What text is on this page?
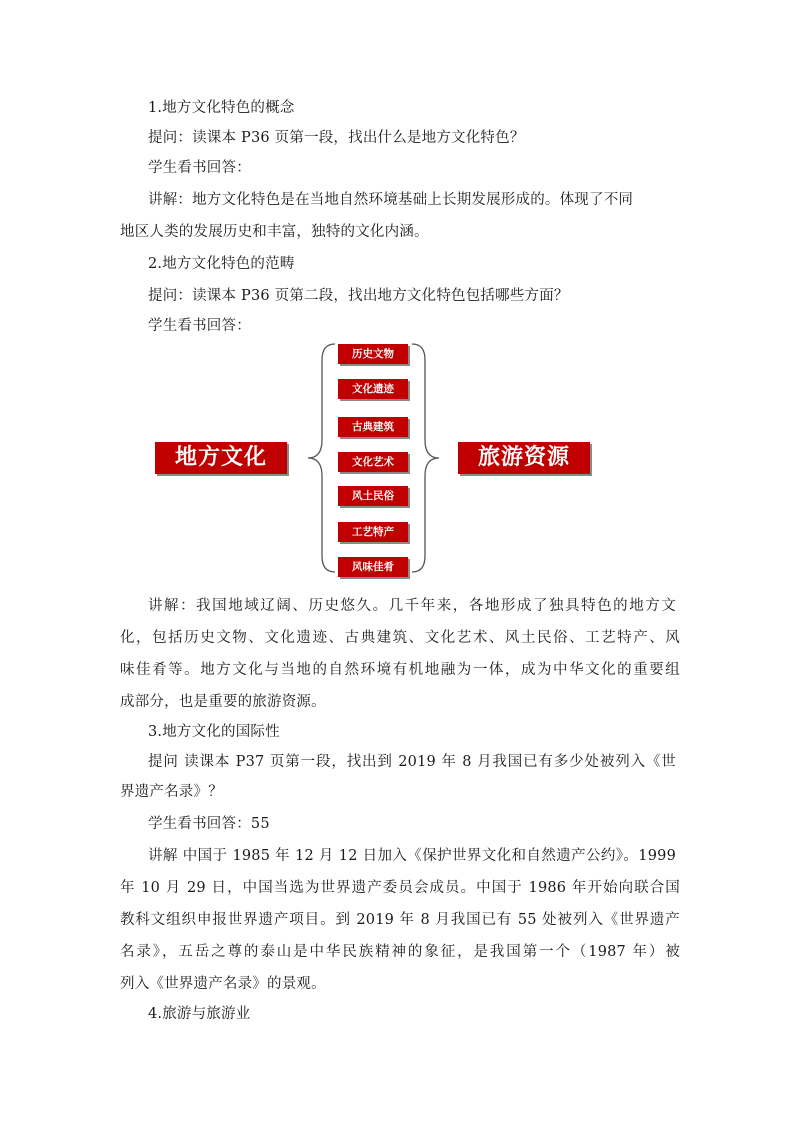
1.地方文化特色的概念
提问：读课本 P36 页第一段，找出什么是地方文化特色？
学生看书回答：
讲解：地方文化特色是在当地自然环境基础上长期发展形成的。体现了不同
地区人类的发展历史和丰富，独特的文化内涵。
2.地方文化特色的范畴
提问：读课本 P36 页第二段，找出地方文化特色包括哪些方面？
学生看书回答：
地方文化	旅游资源
历史文物
文化遗迹
古典建筑
文化艺术
风土民俗
工艺特产
风味佳肴
讲解：我国地域辽阔、历史悠久。几千年来，各地形成了独具特色的地方文
化，包括历史文物、文化遗迹、古典建筑、文化艺术、风土民俗、工艺特产、风
味佳肴等。地方文化与当地的自然环境有机地融为一体，成为中华文化的重要组
成部分，也是重要的旅游资源。
3.地方文化的国际性
提问 读课本 P37 页第一段，找出到 2019 年 8 月我国已有多少处被列入《世
界遗产名录》？
学生看书回答：55
讲解 中国于 1985 年 12 月 12 日加入《保护世界文化和自然遗产公约》。1999
年 10 月 29 日，中国当选为世界遗产委员会成员。中国于 1986 年开始向联合国
教科文组织申报世界遗产项目。到 2019 年 8 月我国已有 55 处被列入《世界遗产
名录》，五岳之尊的泰山是中华民族精神的象征，是我国第一个（1987 年）被
列入《世界遗产名录》的景观。
4.旅游与旅游业
